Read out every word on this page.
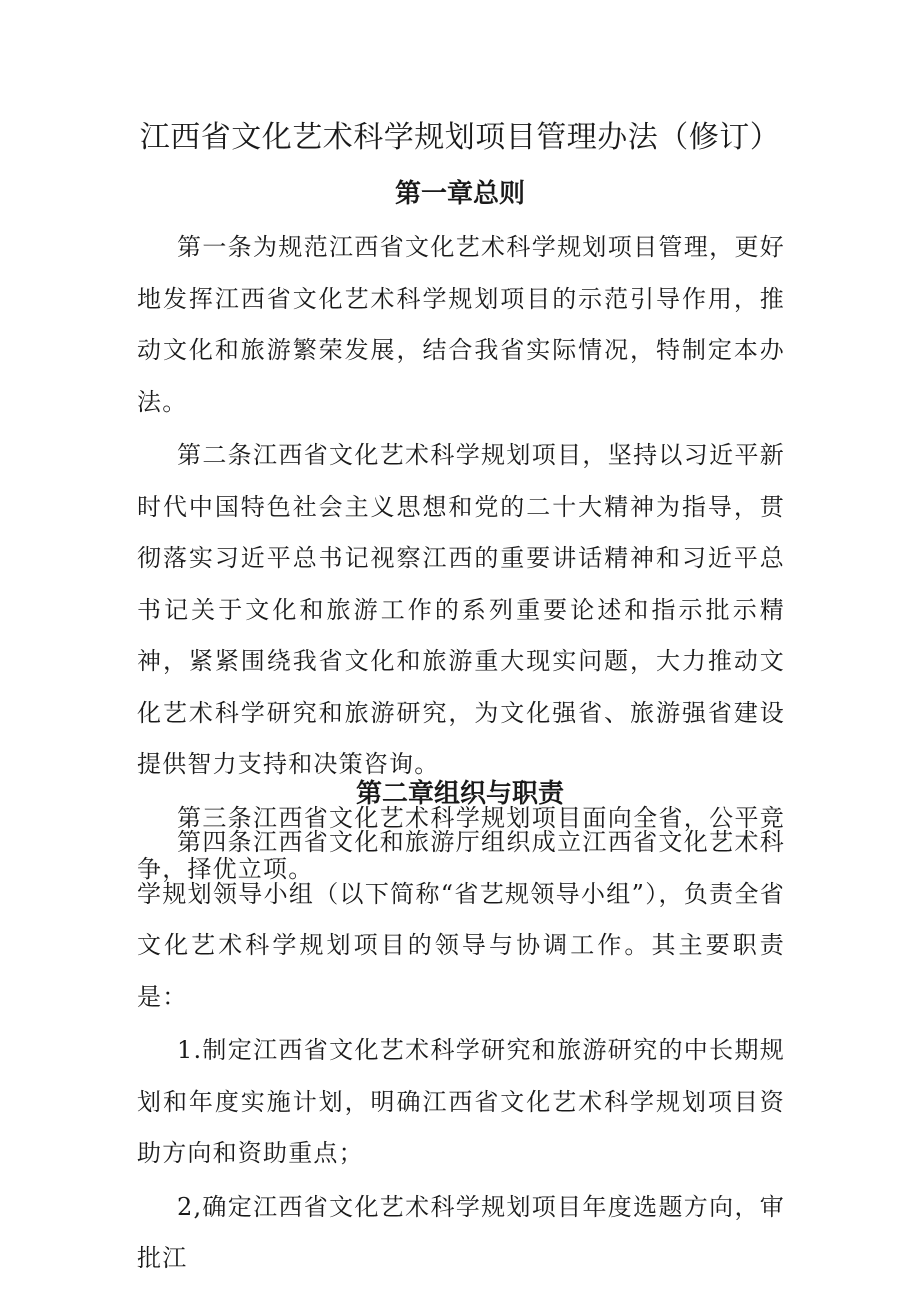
江西省文化艺术科学规划项目管理办法（修订）
第一章总则

第一条为规范江西省文化艺术科学规划项目管理，更好地发挥江西省文化艺术科学规划项目的示范引导作用，推动文化和旅游繁荣发展，结合我省实际情况，特制定本办法。

第二条江西省文化艺术科学规划项目，坚持以习近平新时代中国特色社会主义思想和党的二十大精神为指导，贯彻落实习近平总书记视察江西的重要讲话精神和习近平总书记关于文化和旅游工作的系列重要论述和指示批示精神，紧紧围绕我省文化和旅游重大现实问题，大力推动文化艺术科学研究和旅游研究，为文化强省、旅游强省建设提供智力支持和决策咨询。

第三条江西省文化艺术科学规划项目面向全省，公平竞争，择优立项。

第二章组织与职责

第四条江西省文化和旅游厅组织成立江西省文化艺术科学规划领导小组（以下简称“省艺规领导小组”），负责全省文化艺术科学规划项目的领导与协调工作。其主要职责是：

1.制定江西省文化艺术科学研究和旅游研究的中长期规划和年度实施计划，明确江西省文化艺术科学规划项目资助方向和资助重点；

2,确定江西省文化艺术科学规划项目年度选题方向，审批江
